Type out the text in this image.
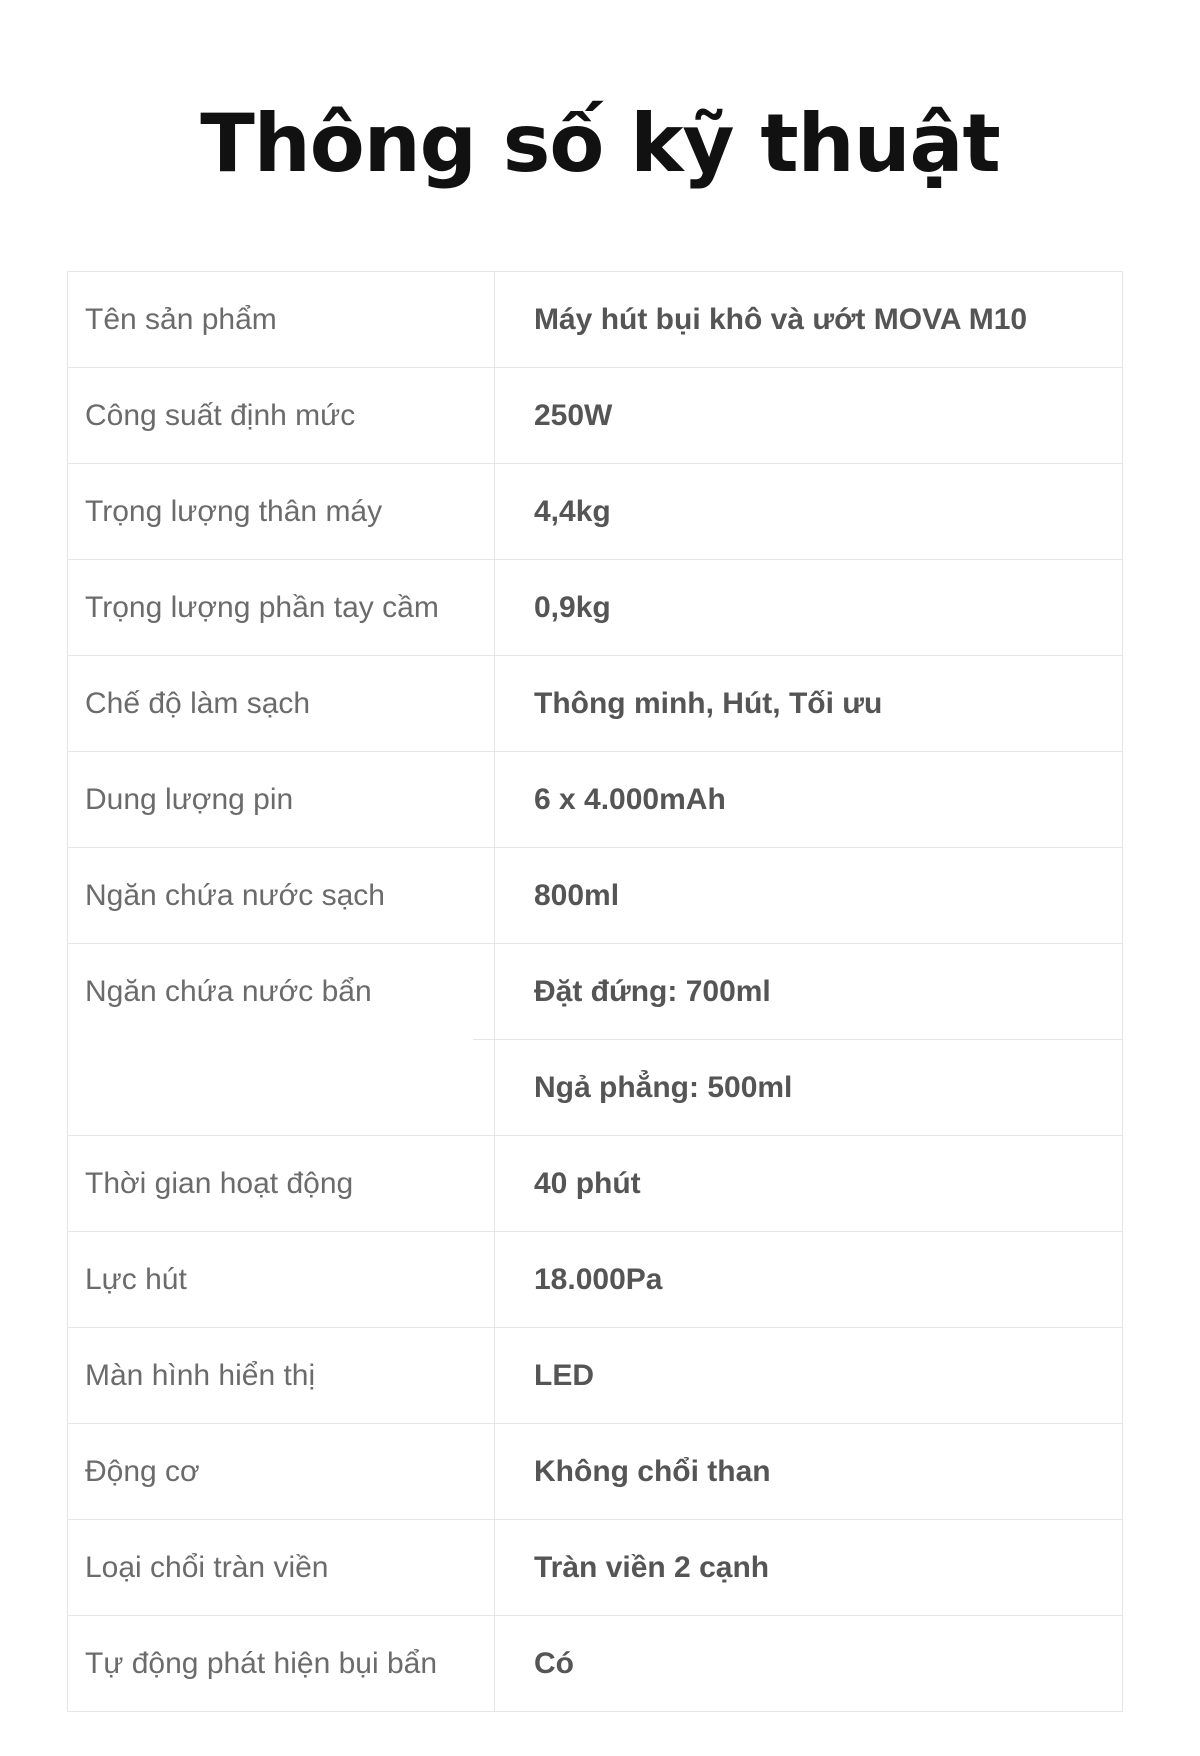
Thông số kỹ thuật
Tên sản phẩm	Máy hút bụi khô và ướt MOVA M10
Công suất định mức	250W
Trọng lượng thân máy	4,4kg
Trọng lượng phần tay cầm	0,9kg
Chế độ làm sạch	Thông minh, Hút, Tối ưu
Dung lượng pin	6 x 4.000mAh
Ngăn chứa nước sạch	800ml
Ngăn chứa nước bẩn	Đặt đứng: 700ml
Ngả phẳng: 500ml
Thời gian hoạt động	40 phút
Lực hút	18.000Pa
Màn hình hiển thị	LED
Động cơ	Không chổi than
Loại chổi tràn viền	Tràn viền 2 cạnh
Tự động phát hiện bụi bẩn	Có
